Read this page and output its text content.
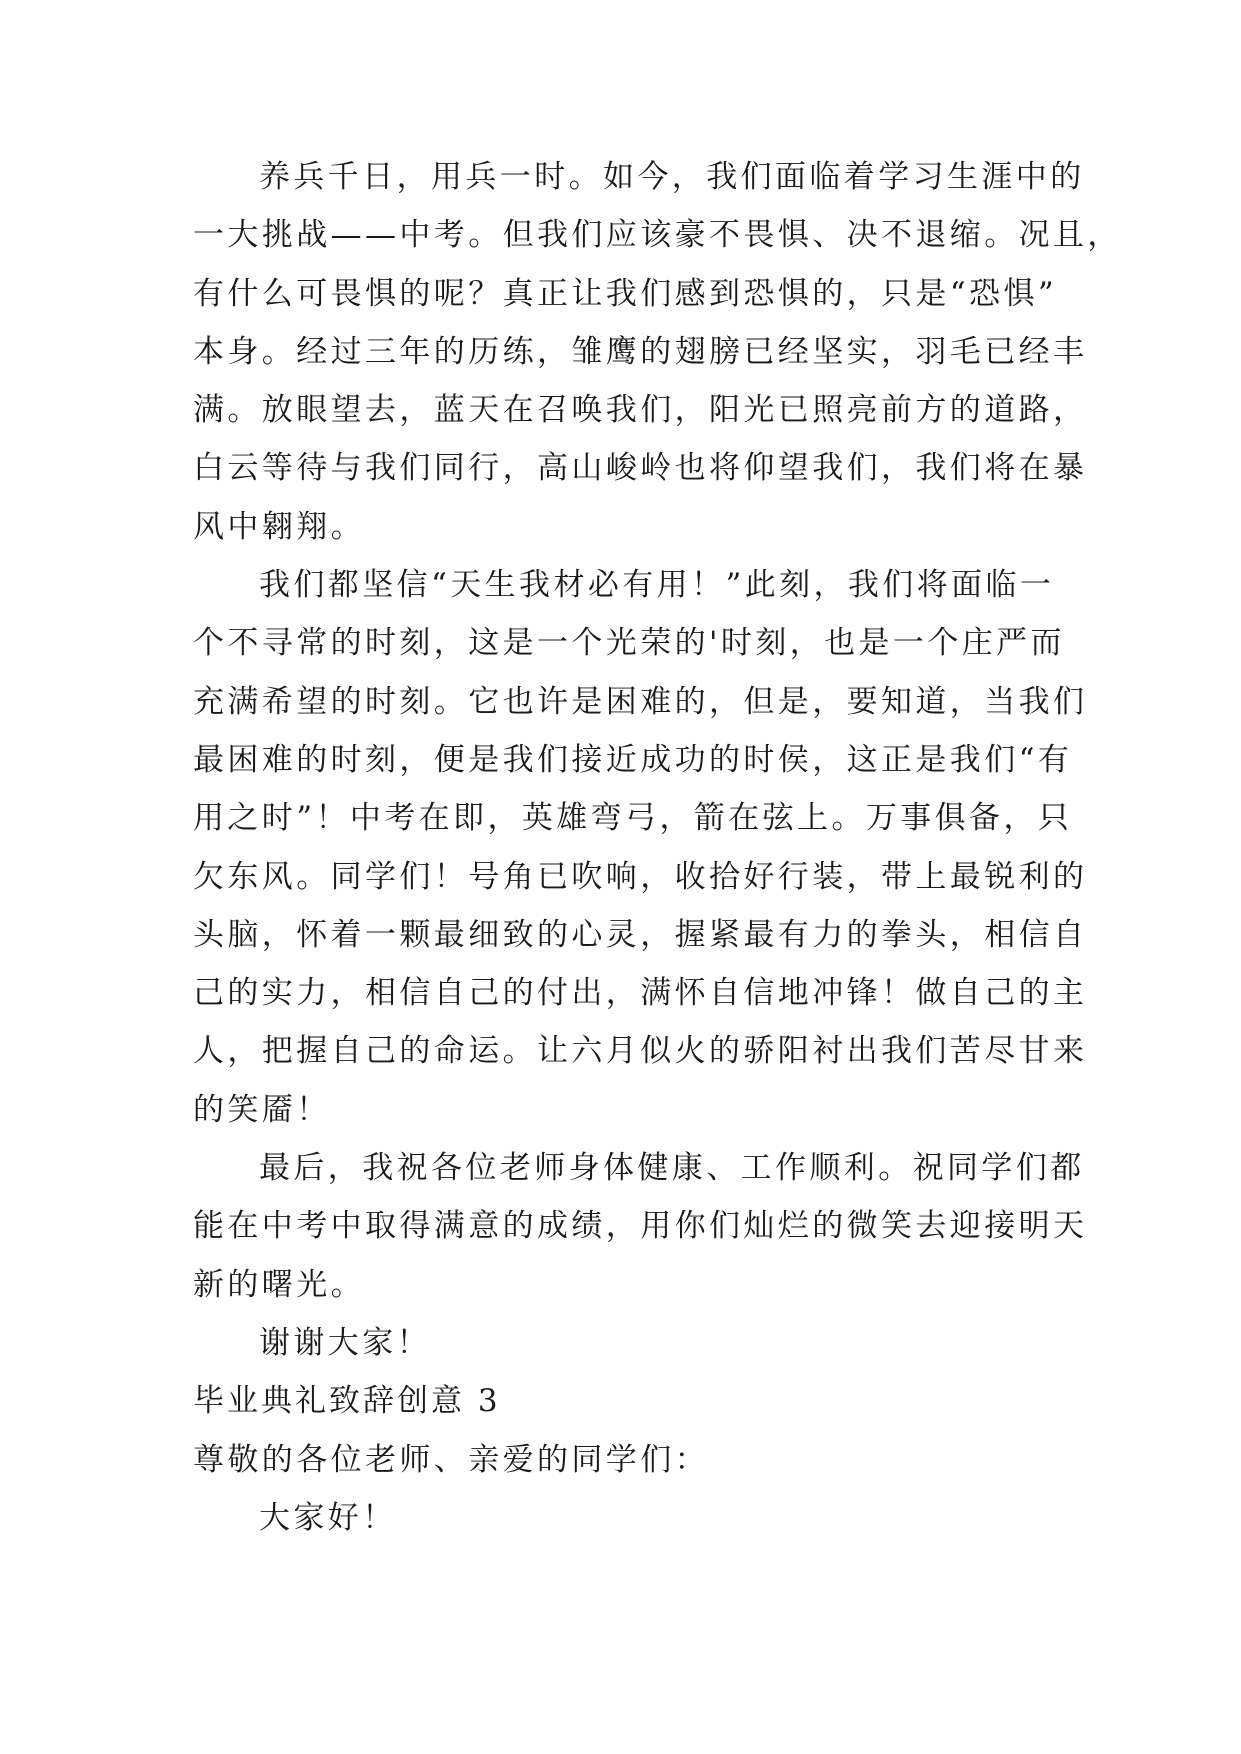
养兵千日，用兵一时。如今，我们面临着学习生涯中的
一大挑战——中考。但我们应该豪不畏惧、决不退缩。况且，
有什么可畏惧的呢？真正让我们感到恐惧的，只是“恐惧”
本身。经过三年的历练，雏鹰的翅膀已经坚实，羽毛已经丰
满。放眼望去，蓝天在召唤我们，阳光已照亮前方的道路，
白云等待与我们同行，高山峻岭也将仰望我们，我们将在暴
风中翱翔。
我们都坚信“天生我材必有用！”此刻，我们将面临一
个不寻常的时刻，这是一个光荣的'时刻，也是一个庄严而
充满希望的时刻。它也许是困难的，但是，要知道，当我们
最困难的时刻，便是我们接近成功的时侯，这正是我们“有
用之时”！中考在即，英雄弯弓，箭在弦上。万事俱备，只
欠东风。同学们！号角已吹响，收拾好行装，带上最锐利的
头脑，怀着一颗最细致的心灵，握紧最有力的拳头，相信自
己的实力，相信自己的付出，满怀自信地冲锋！做自己的主
人，把握自己的命运。让六月似火的骄阳衬出我们苦尽甘来
的笑靥！
最后，我祝各位老师身体健康、工作顺利。祝同学们都
能在中考中取得满意的成绩，用你们灿烂的微笑去迎接明天
新的曙光。
谢谢大家！
毕业典礼致辞创意 3
尊敬的各位老师、亲爱的同学们：
大家好！
